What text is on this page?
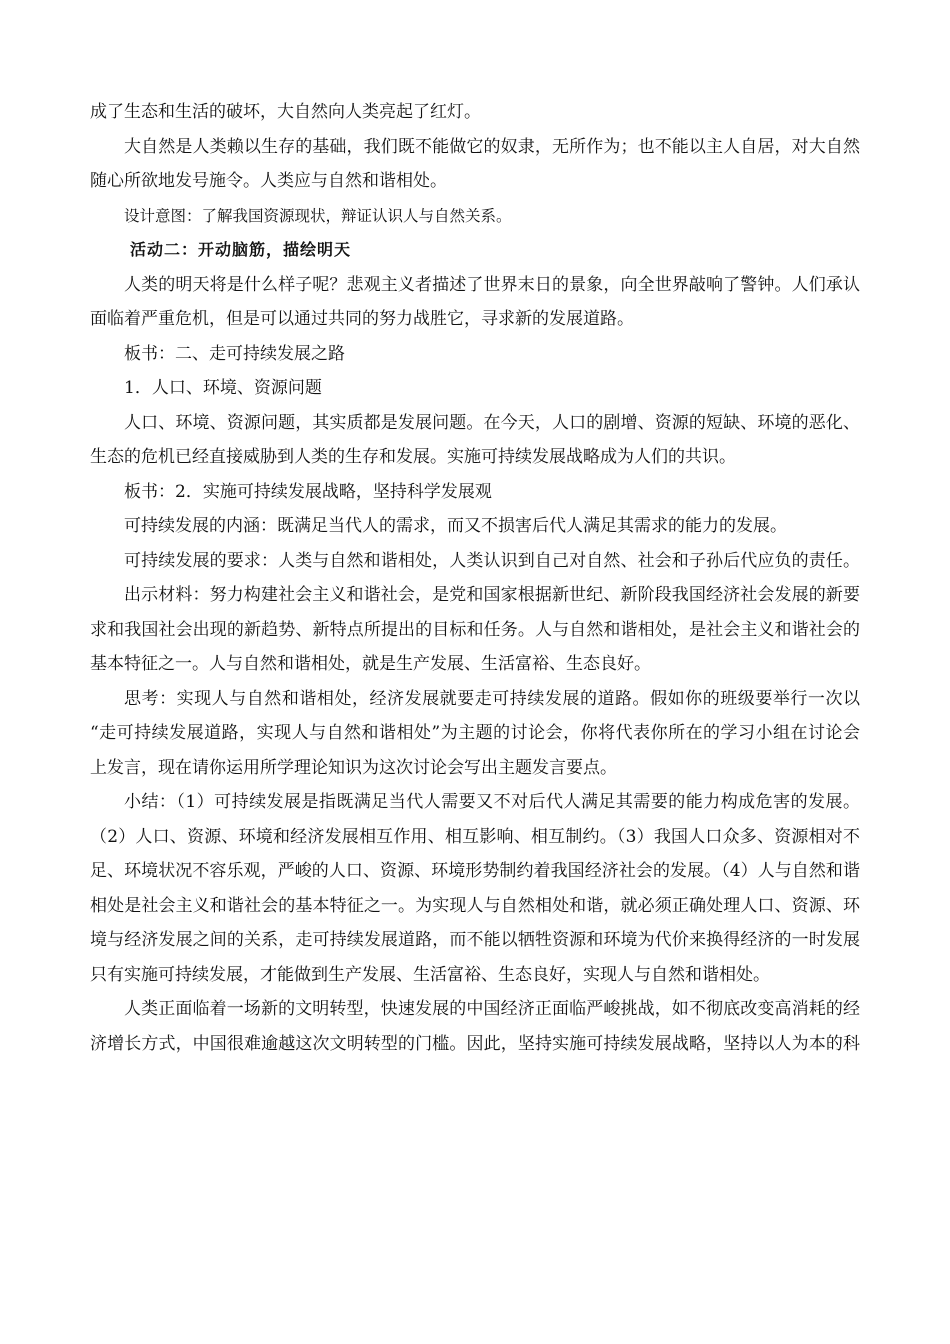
成了生态和生活的破坏，大自然向人类亮起了红灯。
大自然是人类赖以生存的基础，我们既不能做它的奴隶，无所作为；也不能以主人自居，对大自然
随心所欲地发号施令。人类应与自然和谐相处。
设计意图：了解我国资源现状，辩证认识人与自然关系。
活动二：开动脑筋，描绘明天
人类的明天将是什么样子呢？悲观主义者描述了世界末日的景象，向全世界敲响了警钟。人们承认
面临着严重危机，但是可以通过共同的努力战胜它，寻求新的发展道路。
板书：二、走可持续发展之路
1．人口、环境、资源问题
人口、环境、资源问题，其实质都是发展问题。在今天，人口的剧增、资源的短缺、环境的恶化、
生态的危机已经直接威胁到人类的生存和发展。实施可持续发展战略成为人们的共识。
板书：2．实施可持续发展战略，坚持科学发展观
可持续发展的内涵：既满足当代人的需求，而又不损害后代人满足其需求的能力的发展。
可持续发展的要求：人类与自然和谐相处，人类认识到自己对自然、社会和子孙后代应负的责任。
出示材料：努力构建社会主义和谐社会，是党和国家根据新世纪、新阶段我国经济社会发展的新要
求和我国社会出现的新趋势、新特点所提出的目标和任务。人与自然和谐相处，是社会主义和谐社会的
基本特征之一。人与自然和谐相处，就是生产发展、生活富裕、生态良好。
思考：实现人与自然和谐相处，经济发展就要走可持续发展的道路。假如你的班级要举行一次以
“走可持续发展道路，实现人与自然和谐相处”为主题的讨论会，你将代表你所在的学习小组在讨论会
上发言，现在请你运用所学理论知识为这次讨论会写出主题发言要点。
小结：（1）可持续发展是指既满足当代人需要又不对后代人满足其需要的能力构成危害的发展。
（2）人口、资源、环境和经济发展相互作用、相互影响、相互制约。（3）我国人口众多、资源相对不
足、环境状况不容乐观，严峻的人口、资源、环境形势制约着我国经济社会的发展。（4）人与自然和谐
相处是社会主义和谐社会的基本特征之一。为实现人与自然相处和谐，就必须正确处理人口、资源、环
境与经济发展之间的关系，走可持续发展道路，而不能以牺牲资源和环境为代价来换得经济的一时发展
只有实施可持续发展，才能做到生产发展、生活富裕、生态良好，实现人与自然和谐相处。
人类正面临着一场新的文明转型，快速发展的中国经济正面临严峻挑战，如不彻底改变高消耗的经
济增长方式，中国很难逾越这次文明转型的门槛。因此，坚持实施可持续发展战略，坚持以人为本的科
